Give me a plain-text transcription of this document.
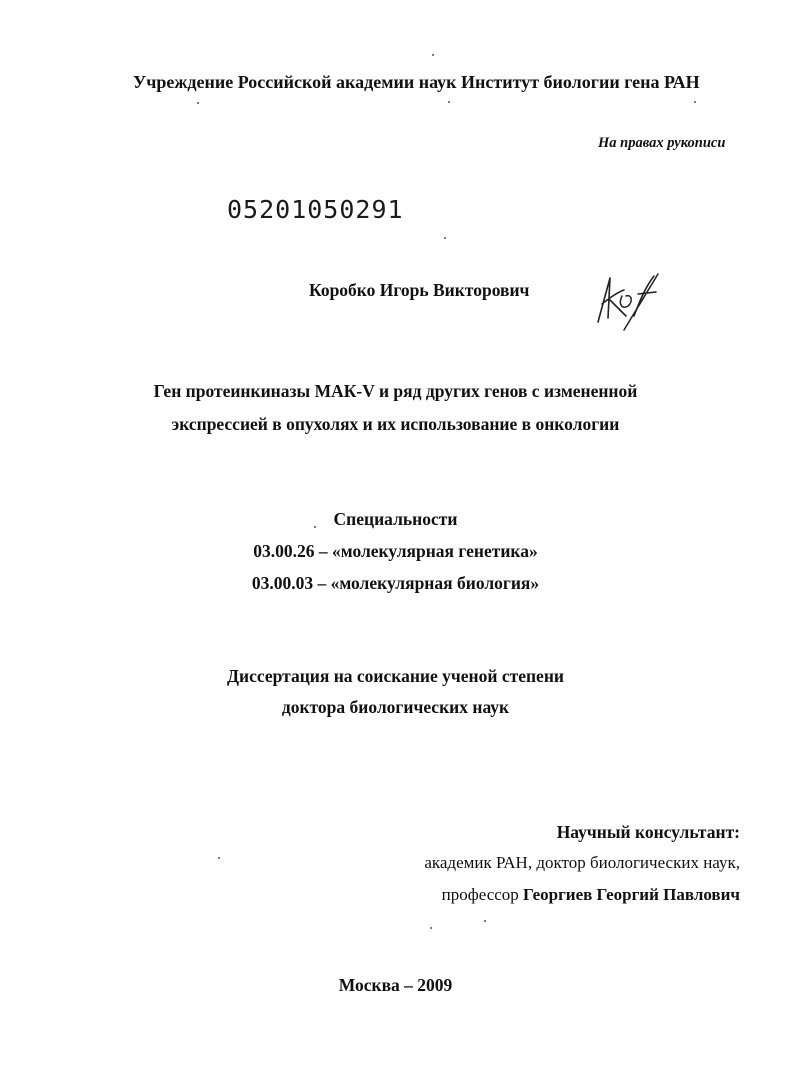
Учреждение Российской академии наук Институт биологии гена РАН
На правах рукописи
05201050291
Коробко Игорь Викторович
Ген протеинкиназы МАК-V и ряд других генов с измененной
экспрессией в опухолях и их использование в онкологии
Специальности
03.00.26 – «молекулярная генетика»
03.00.03 – «молекулярная биология»
Диссертация на соискание ученой степени
доктора биологических наук
Научный консультант:
академик РАН, доктор биологических наук,
профессор Георгиев Георгий Павлович
Москва – 2009
